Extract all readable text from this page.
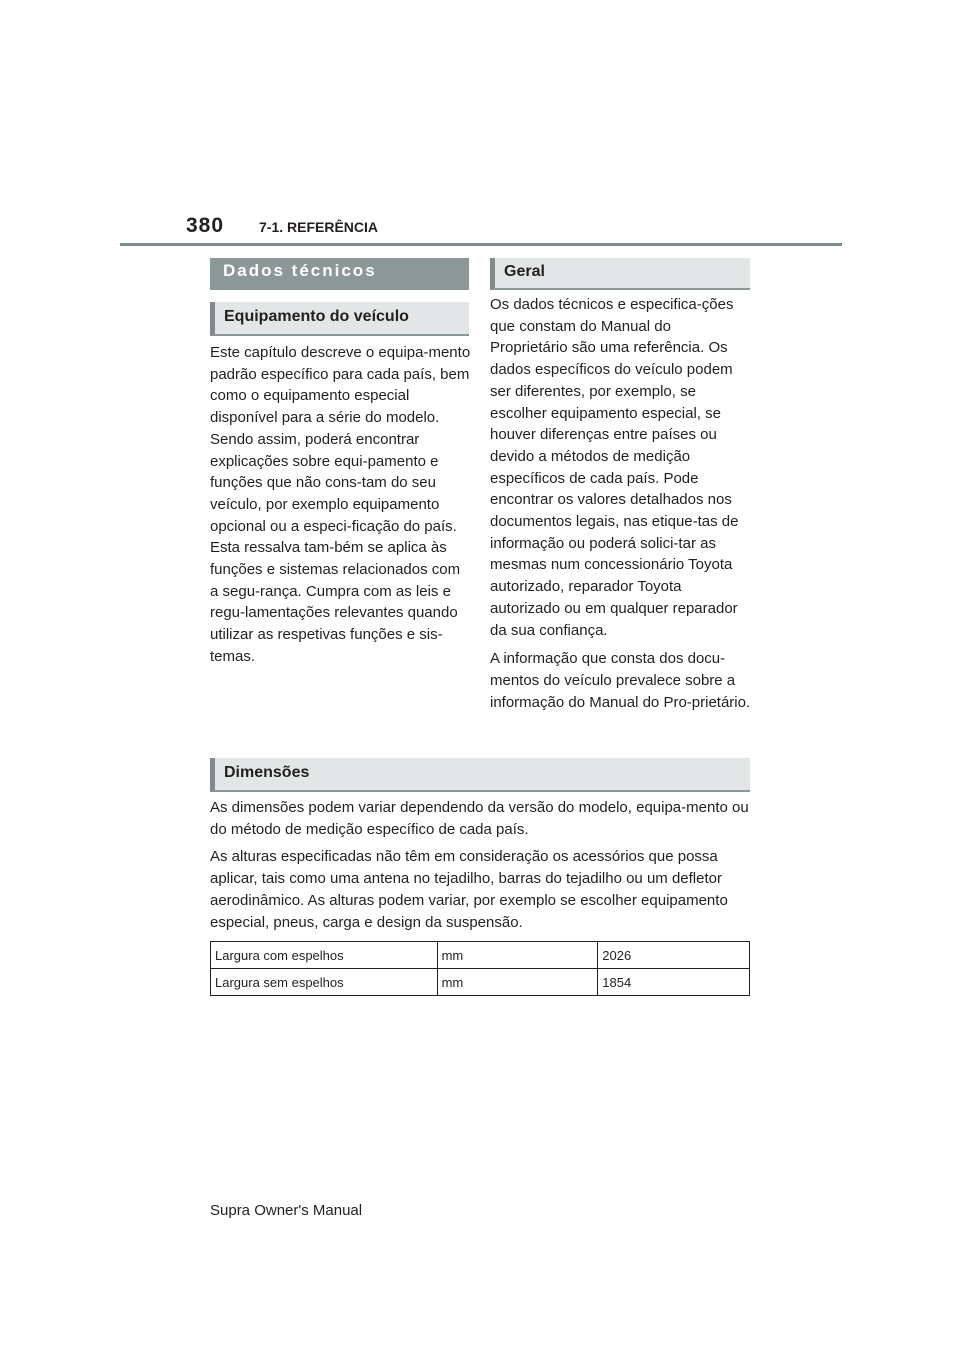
380 7-1. REFERÊNCIA
Dados técnicos
Equipamento do veículo

Este capítulo descreve o equipa-mento padrão específico para cada país, bem como o equipamento especial disponível para a série do modelo. Sendo assim, poderá encontrar explicações sobre equi-pamento e funções que não cons-tam do seu veículo, por exemplo equipamento opcional ou a especi-ficação do país. Esta ressalva tam-bém se aplica às funções e sistemas relacionados com a segu-rança. Cumpra com as leis e regu-lamentações relevantes quando utilizar as respetivas funções e sis-temas.

Geral

Os dados técnicos e especifica-ções que constam do Manual do Proprietário são uma referência. Os dados específicos do veículo podem ser diferentes, por exemplo, se escolher equipamento especial, se houver diferenças entre países ou devido a métodos de medição específicos de cada país. Pode encontrar os valores detalhados nos documentos legais, nas etique-tas de informação ou poderá solici-tar as mesmas num concessionário Toyota autorizado, reparador Toyota autorizado ou em qualquer reparador da sua confiança.

A informação que consta dos docu-mentos do veículo prevalece sobre a informação do Manual do Pro-prietário.

Dimensões

As dimensões podem variar dependendo da versão do modelo, equipa-mento ou do método de medição específico de cada país.

As alturas especificadas não têm em consideração os acessórios que possa aplicar, tais como uma antena no tejadilho, barras do tejadilho ou um defletor aerodinâmico. As alturas podem variar, por exemplo se escolher equipamento especial, pneus, carga e design da suspensão.

Largura com espelhos	mm	2026
Largura sem espelhos	mm	1854
Supra Owner's Manual
